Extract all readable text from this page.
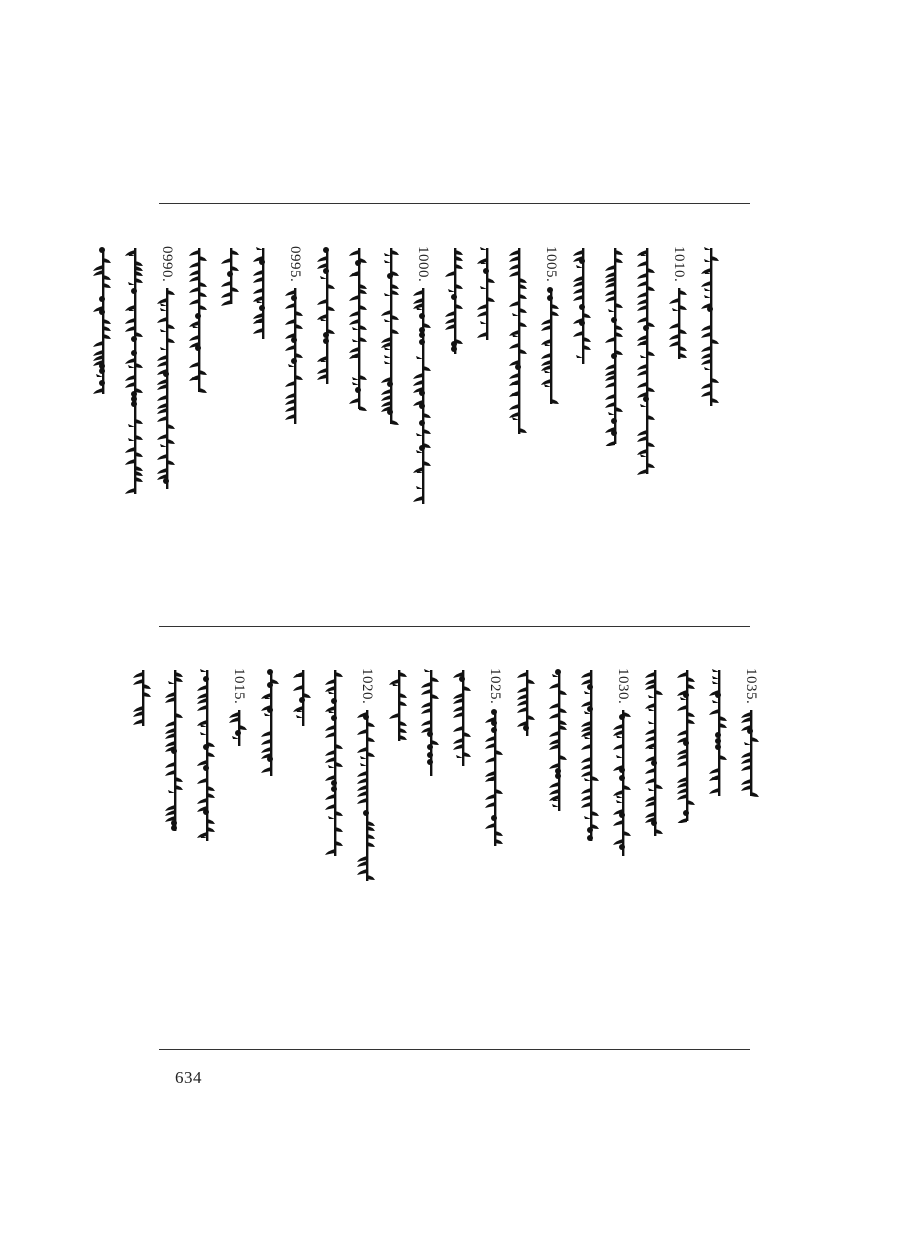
1010.
1005.
1000.
0995.
0990.
1035.
1030.
1025.
1020.
1015.
634
